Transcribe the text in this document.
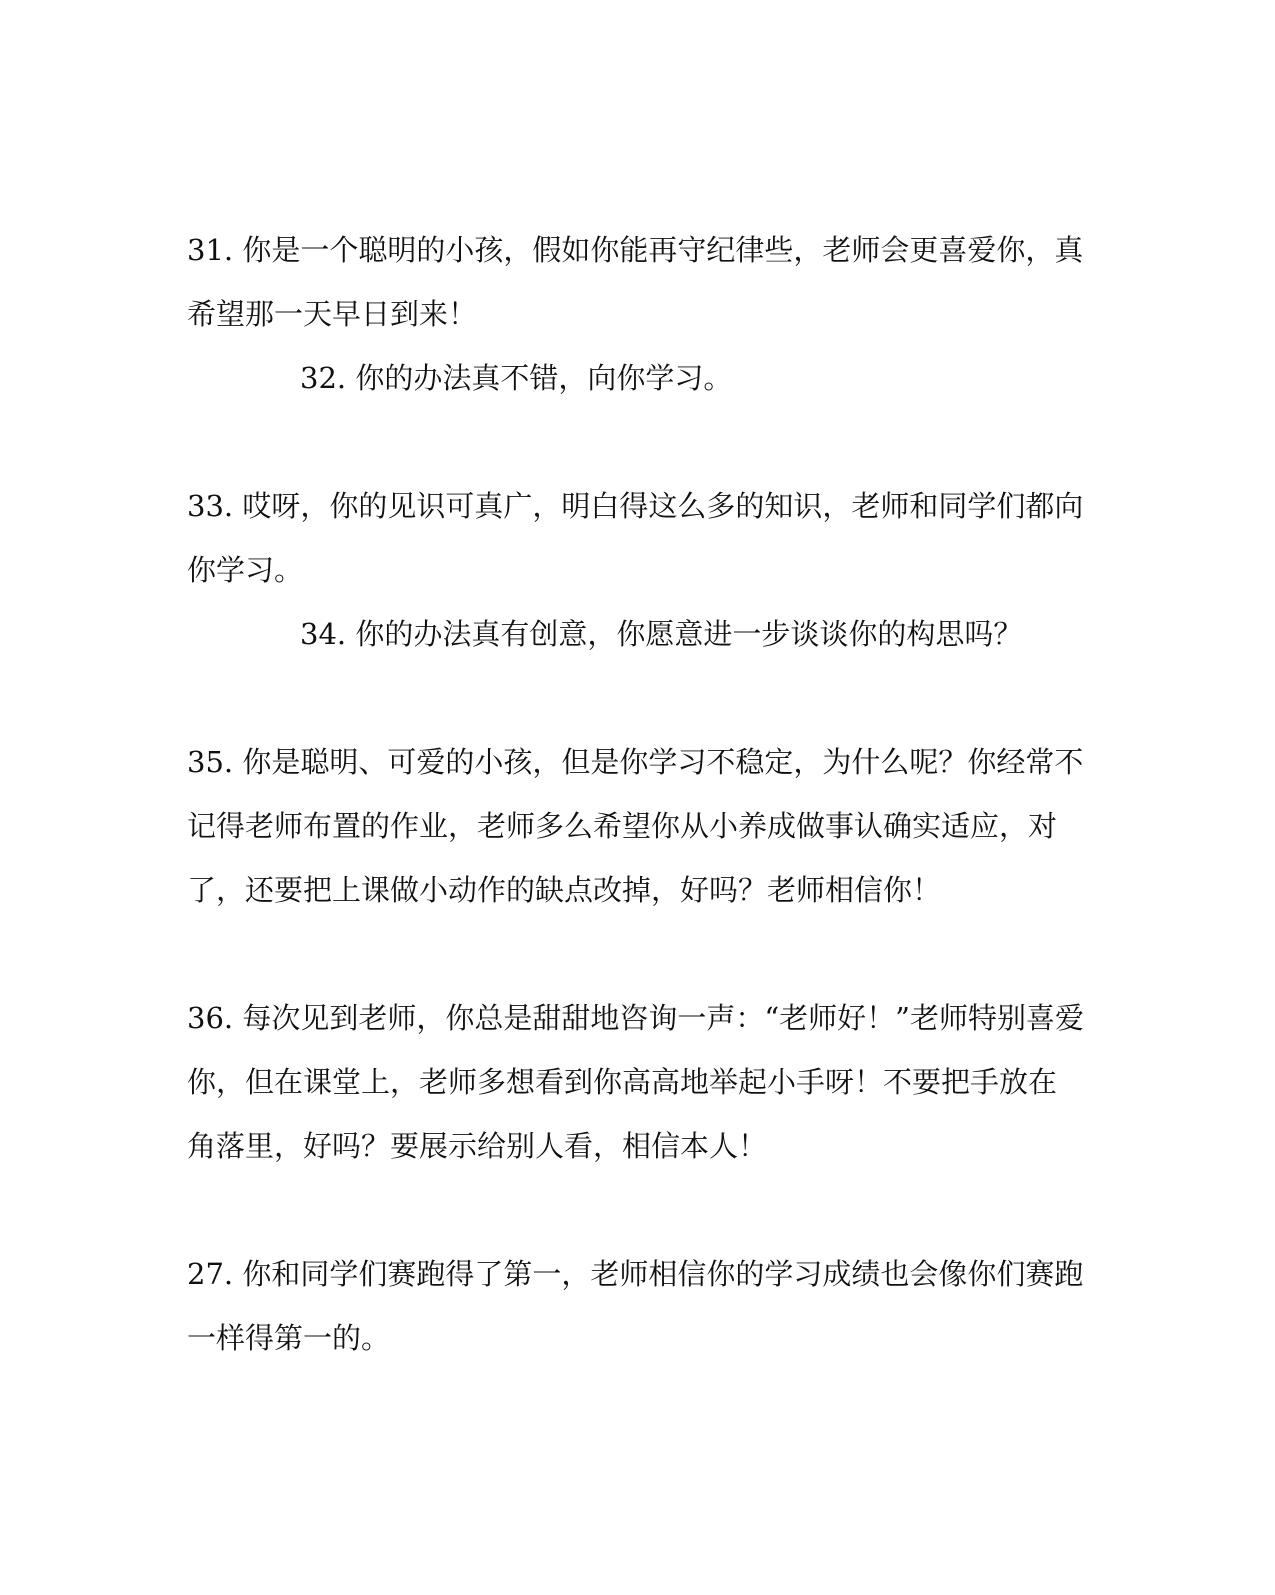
31. 你是一个聪明的小孩，假如你能再守纪律些，老师会更喜爱你，真
希望那一天早日到来！

32. 你的办法真不错，向你学习。

33. 哎呀，你的见识可真广，明白得这么多的知识，老师和同学们都向
你学习。

34. 你的办法真有创意，你愿意进一步谈谈你的构思吗？

35. 你是聪明、可爱的小孩，但是你学习不稳定，为什么呢？你经常不
记得老师布置的作业，老师多么希望你从小养成做事认确实适应，对
了，还要把上课做小动作的缺点改掉，好吗？老师相信你！

36. 每次见到老师，你总是甜甜地咨询一声：“老师好！”老师特别喜爱
你，但在课堂上，老师多想看到你高高地举起小手呀！不要把手放在
角落里，好吗？要展示给别人看，相信本人！

27. 你和同学们赛跑得了第一，老师相信你的学习成绩也会像你们赛跑
一样得第一的。
